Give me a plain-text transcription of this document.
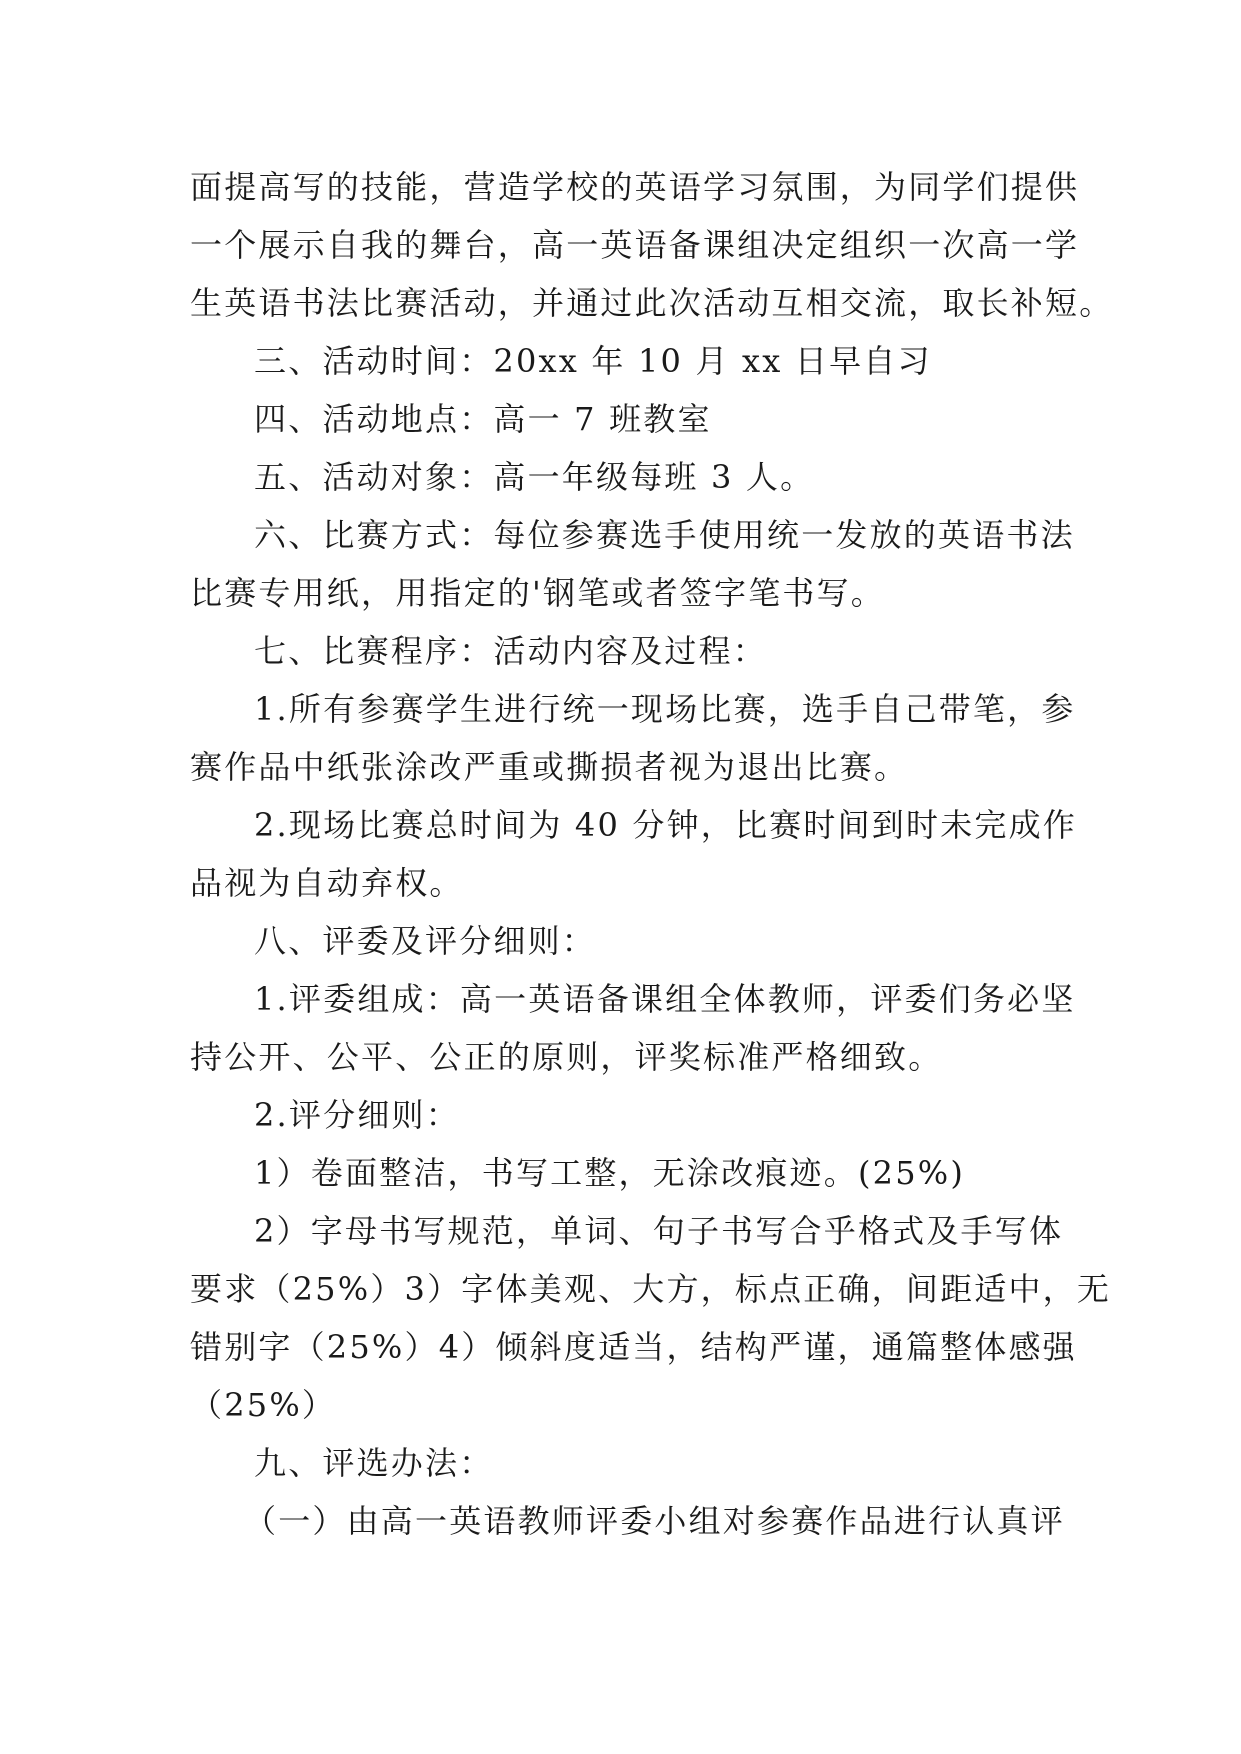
面提高写的技能，营造学校的英语学习氛围，为同学们提供
一个展示自我的舞台，高一英语备课组决定组织一次高一学
生英语书法比赛活动，并通过此次活动互相交流，取长补短。
三、活动时间：20xx 年 10 月 xx 日早自习
四、活动地点：高一 7 班教室
五、活动对象：高一年级每班 3 人。
六、比赛方式：每位参赛选手使用统一发放的英语书法
比赛专用纸，用指定的'钢笔或者签字笔书写。
七、比赛程序：活动内容及过程：
1.所有参赛学生进行统一现场比赛，选手自己带笔，参
赛作品中纸张涂改严重或撕损者视为退出比赛。
2.现场比赛总时间为 40 分钟，比赛时间到时未完成作
品视为自动弃权。
八、评委及评分细则：
1.评委组成：高一英语备课组全体教师，评委们务必坚
持公开、公平、公正的原则，评奖标准严格细致。
2.评分细则：
1）卷面整洁，书写工整，无涂改痕迹。(25%)
2）字母书写规范，单词、句子书写合乎格式及手写体
要求（25%）3）字体美观、大方，标点正确，间距适中，无
错别字（25%）4）倾斜度适当，结构严谨，通篇整体感强
（25%）
九、评选办法：
（一）由高一英语教师评委小组对参赛作品进行认真评
